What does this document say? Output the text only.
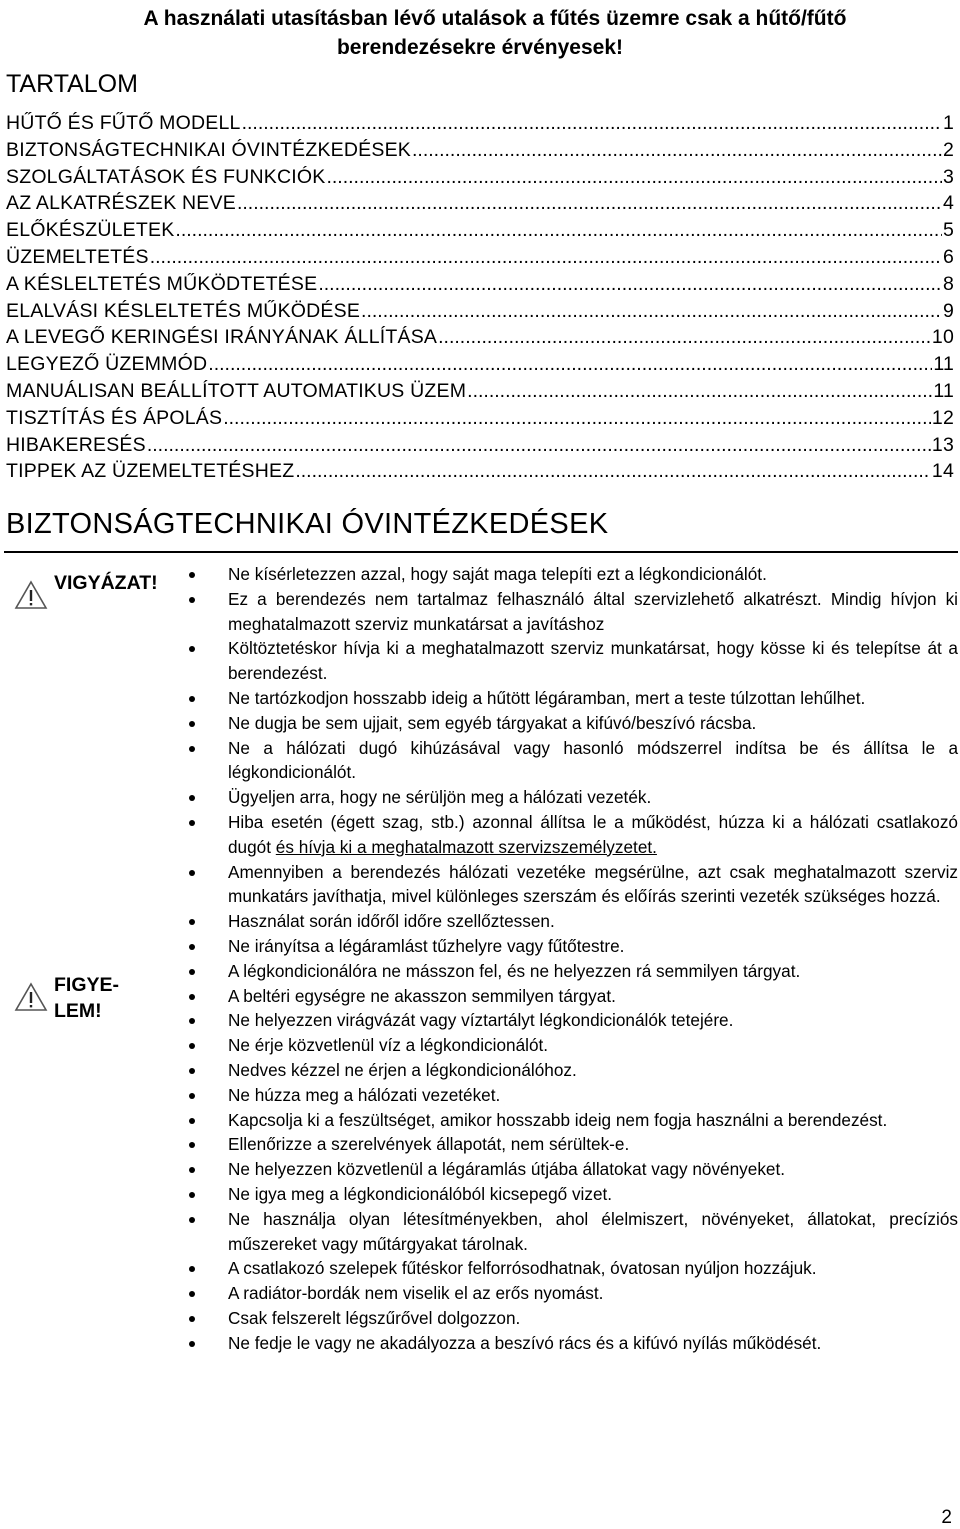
A használati utasításban lévő utalások a fűtés üzemre csak a hűtő/fűtő
berendezésekre érvényesek!
TARTALOM
HŰTŐ ÉS FŰTŐ MODELL .....	1
BIZTONSÁGTECHNIKAI ÓVINTÉZKEDÉSEK .....	2
SZOLGÁLTATÁSOK ÉS FUNKCIÓK .....	3
AZ ALKATRÉSZEK NEVE .....	4
ELŐKÉSZÜLETEK .....	5
ÜZEMELTETÉS .....	6
A KÉSLELTETÉS MŰKÖDTETÉSE .....	8
ELALVÁSI KÉSLELTETÉS MŰKÖDÉSE .....	9
A LEVEGŐ KERINGÉSI IRÁNYÁNAK ÁLLÍTÁSA .....	10
LEGYEZŐ ÜZEMMÓD .....	11
MANUÁLISAN BEÁLLÍTOTT AUTOMATIKUS ÜZEM .....	11
TISZTÍTÁS ÉS ÁPOLÁS .....	12
HIBAKERESÉS .....	13
TIPPEK AZ ÜZEMELTETÉSHEZ .....	14
BIZTONSÁGTECHNIKAI ÓVINTÉZKEDÉSEK
VIGYÁZAT!
FIGYE-
LEM!
Ne kísérletezzen azzal, hogy saját maga telepíti ezt a légkondicionálót.
Ez a berendezés nem tartalmaz felhasználó által szervizlehető alkatrészt. Mindig hívjon ki meghatalmazott szerviz munkatársat a javításhoz
Költöztetéskor hívja ki a meghatalmazott szerviz munkatársat, hogy kösse ki és telepítse át a berendezést.
Ne tartózkodjon hosszabb ideig a hűtött légáramban, mert a teste túlzottan lehűlhet.
Ne dugja be sem ujjait, sem egyéb tárgyakat a kifúvó/beszívó rácsba.
Ne a hálózati dugó kihúzásával vagy hasonló módszerrel indítsa be és állítsa le a légkondicionálót.
Ügyeljen arra, hogy ne sérüljön meg a hálózati vezeték.
Hiba esetén (égett szag, stb.) azonnal állítsa le a működést, húzza ki a hálózati csatlakozó dugót és hívja ki a meghatalmazott szervizszemélyzetet.
Amennyiben a berendezés hálózati vezetéke megsérülne, azt csak meghatalmazott szerviz munkatárs javíthatja, mivel különleges szerszám és előírás szerinti vezeték szükséges hozzá.
Használat során időről időre szellőztessen.
Ne irányítsa a légáramlást tűzhelyre vagy fűtőtestre.
A légkondicionálóra ne másszon fel, és ne helyezzen rá semmilyen tárgyat.
A beltéri egységre ne akasszon semmilyen tárgyat.
Ne helyezzen virágvázát vagy víztartályt légkondicionálók tetejére.
Ne érje közvetlenül víz a légkondicionálót.
Nedves kézzel ne érjen a légkondicionálóhoz.
Ne húzza meg a hálózati vezetéket.
Kapcsolja ki a feszültséget, amikor hosszabb ideig nem fogja használni a berendezést.
Ellenőrizze a szerelvények állapotát, nem sérültek-e.
Ne helyezzen közvetlenül a légáramlás útjába állatokat vagy növényeket.
Ne igya meg a légkondicionálóból kicsepegő vizet.
Ne használja olyan létesítményekben, ahol élelmiszert, növényeket, állatokat, precíziós műszereket vagy műtárgyakat tárolnak.
A csatlakozó szelepek fűtéskor felforrósodhatnak, óvatosan nyúljon hozzájuk.
A radiátor-bordák nem viselik el az erős nyomást.
Csak felszerelt légszűrővel dolgozzon.
Ne fedje le vagy ne akadályozza a beszívó rács és a kifúvó nyílás működését.
2
